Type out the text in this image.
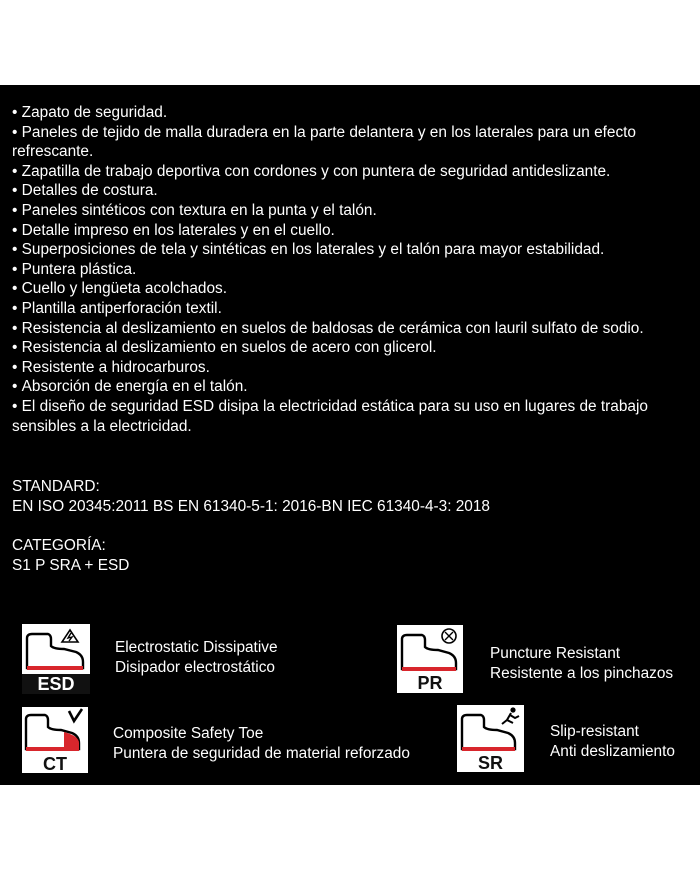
• Zapato de seguridad.
• Paneles de tejido de malla duradera en la parte delantera y en los laterales para un efecto refrescante.
• Zapatilla de trabajo deportiva con cordones y con puntera de seguridad antideslizante.
• Detalles de costura.
• Paneles sintéticos con textura en la punta y el talón.
• Detalle impreso en los laterales y en el cuello.
• Superposiciones de tela y sintéticas en los laterales y el talón para mayor estabilidad.
• Puntera plástica.
• Cuello y lengüeta acolchados.
• Plantilla antiperforación textil.
• Resistencia al deslizamiento en suelos de baldosas de cerámica con lauril sulfato de sodio.
• Resistencia al deslizamiento en suelos de acero con glicerol.
• Resistente a hidrocarburos.
• Absorción de energía en el talón.
• El diseño de seguridad ESD disipa la electricidad estática para su uso en lugares de trabajo sensibles a la electricidad.

STANDARD:

EN ISO 20345:2011 BS EN 61340-5-1: 2016-BN IEC 61340-4-3: 2018

CATEGORÍA:

S1 P SRA + ESD

ESD
Electrostatic Dissipative
Disipador electrostático
PR
Puncture Resistant
Resistente a los pinchazos
CT
Composite Safety Toe
Puntera de seguridad de material reforzado	SR
Slip-resistant
Anti deslizamiento
